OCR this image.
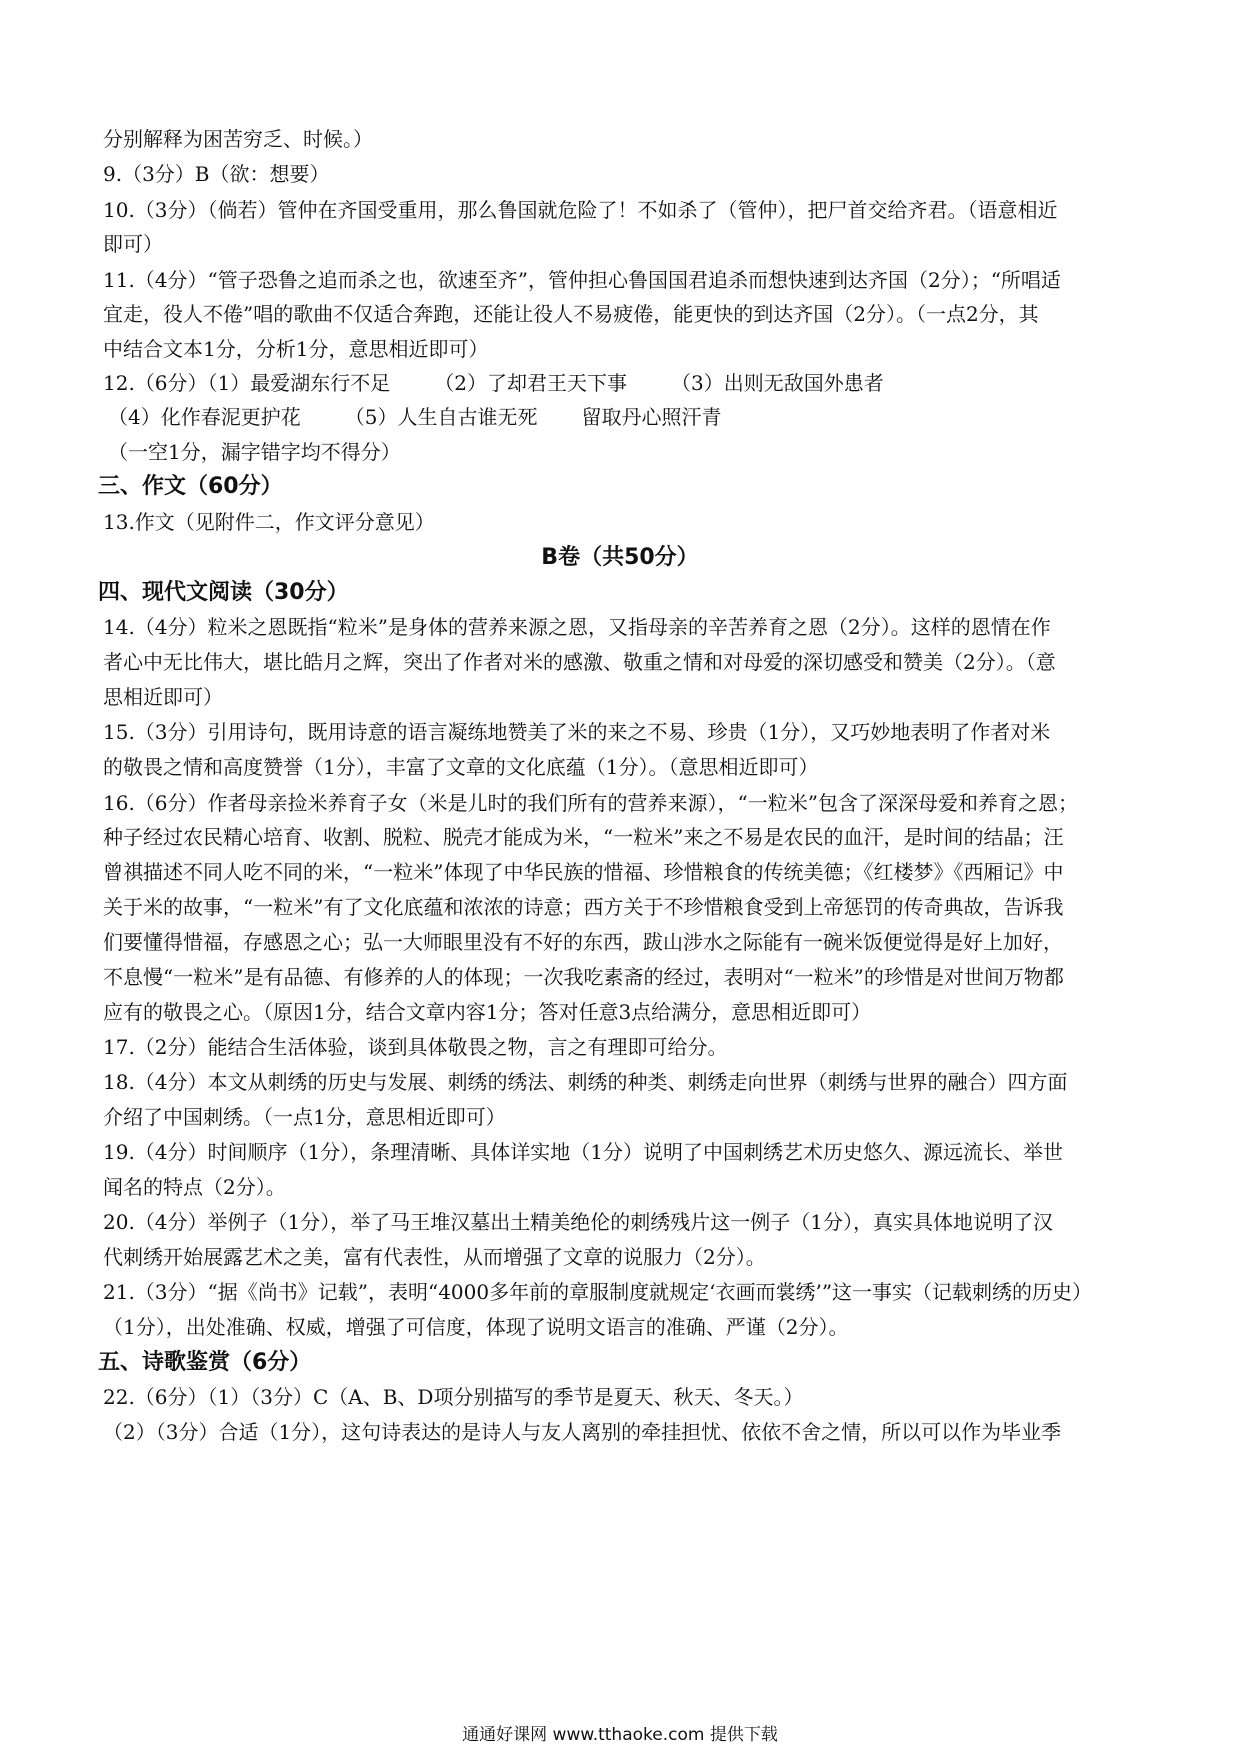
分别解释为困苦穷乏、时候。）
9.（3分）B（欲：想要）
10.（3分）（倘若）管仲在齐国受重用，那么鲁国就危险了！不如杀了（管仲），把尸首交给齐君。（语意相近
即可）
11.（4分）“管子恐鲁之追而杀之也，欲速至齐”，管仲担心鲁国国君追杀而想快速到达齐国（2分）；“所唱适
宜走，役人不倦”唱的歌曲不仅适合奔跑，还能让役人不易疲倦，能更快的到达齐国（2分）。（一点2分，其
中结合文本1分，分析1分，意思相近即可）
12.（6分）（1）最爱湖东行不足 （2）了却君王天下事 （3）出则无敌国外患者
（4）化作春泥更护花 （5）人生自古谁无死 留取丹心照汗青
（一空1分，漏字错字均不得分）
三、作文（60分）
13.作文（见附件二，作文评分意见）
B卷（共50分）
四、现代文阅读（30分）
14.（4分）粒米之恩既指“粒米”是身体的营养来源之恩，又指母亲的辛苦养育之恩（2分）。这样的恩情在作
者心中无比伟大，堪比皓月之辉，突出了作者对米的感激、敬重之情和对母爱的深切感受和赞美（2分）。（意
思相近即可）
15.（3分）引用诗句，既用诗意的语言凝练地赞美了米的来之不易、珍贵（1分），又巧妙地表明了作者对米
的敬畏之情和高度赞誉（1分），丰富了文章的文化底蕴（1分）。（意思相近即可）
16.（6分）作者母亲捡米养育子女（米是儿时的我们所有的营养来源），“一粒米”包含了深深母爱和养育之恩；
种子经过农民精心培育、收割、脱粒、脱壳才能成为米，“一粒米”来之不易是农民的血汗，是时间的结晶；汪
曾祺描述不同人吃不同的米，“一粒米”体现了中华民族的惜福、珍惜粮食的传统美德；《红楼梦》《西厢记》中
关于米的故事，“一粒米”有了文化底蕴和浓浓的诗意；西方关于不珍惜粮食受到上帝惩罚的传奇典故，告诉我
们要懂得惜福，存感恩之心；弘一大师眼里没有不好的东西，跋山涉水之际能有一碗米饭便觉得是好上加好，
不息慢“一粒米”是有品德、有修养的人的体现；一次我吃素斋的经过，表明对“一粒米”的珍惜是对世间万物都
应有的敬畏之心。（原因1分，结合文章内容1分；答对任意3点给满分，意思相近即可）
17.（2分）能结合生活体验，谈到具体敬畏之物，言之有理即可给分。
18.（4分）本文从刺绣的历史与发展、刺绣的绣法、刺绣的种类、刺绣走向世界（刺绣与世界的融合）四方面
介绍了中国刺绣。（一点1分，意思相近即可）
19.（4分）时间顺序（1分），条理清晰、具体详实地（1分）说明了中国刺绣艺术历史悠久、源远流长、举世
闻名的特点（2分）。
20.（4分）举例子（1分），举了马王堆汉墓出土精美绝伦的刺绣残片这一例子（1分），真实具体地说明了汉
代刺绣开始展露艺术之美，富有代表性，从而增强了文章的说服力（2分）。
21.（3分）“据《尚书》记载”，表明“4000多年前的章服制度就规定‘衣画而裳绣’”这一事实（记载刺绣的历史）
（1分），出处准确、权威，增强了可信度，体现了说明文语言的准确、严谨（2分）。
五、诗歌鉴赏（6分）
22.（6分）（1）（3分）C（A、B、D项分别描写的季节是夏天、秋天、冬天。）
（2）（3分）合适（1分），这句诗表达的是诗人与友人离别的牵挂担忧、依依不舍之情，所以可以作为毕业季
通通好课网 www.tthaoke.com 提供下载
